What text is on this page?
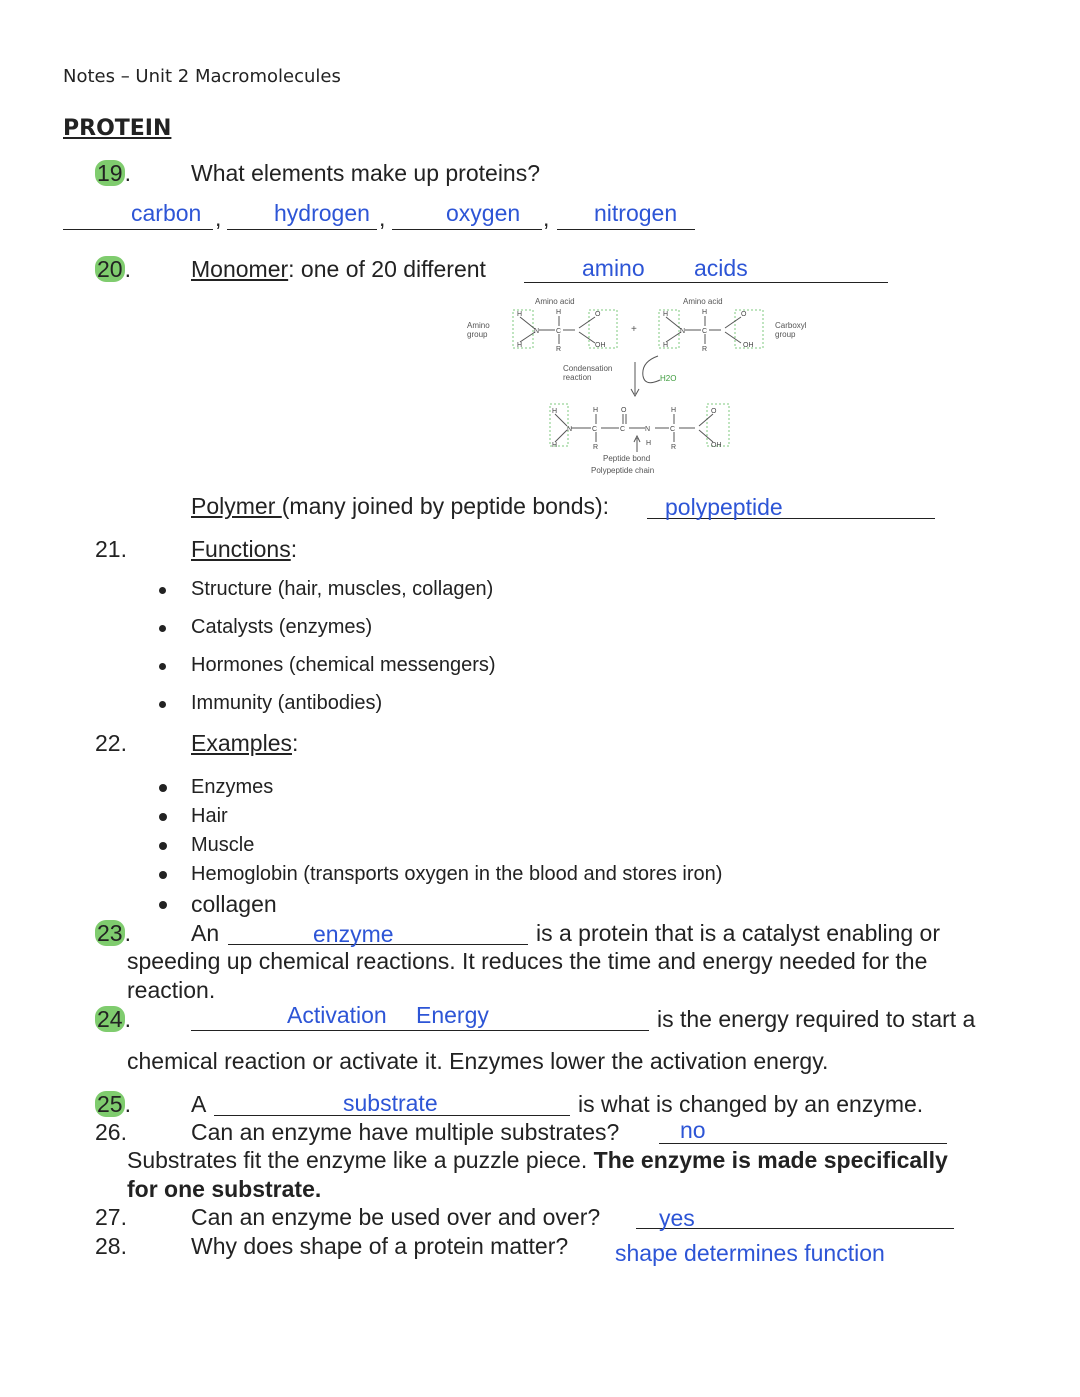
Notes – Unit 2 Macromolecules
PROTEIN
19.	What elements make up proteins?
carbon , hydrogen ,	oxygen , nitrogen
20.	Monomer: one of 20 different	amino acids
Amino acid	Amino acid
Amino
group
Carboxyl
group
+
Condensation
reaction	H2O
Peptide bond
Polypeptide chain
H
H
N C
H
R
O
OH
H
H
N C
H
R
O
OH
H
H
N	C
H
R
C
O
N
H
C
H
R
O
OH
Polymer (many joined by peptide bonds): polypeptide
21.	Functions:
Structure (hair, muscles, collagen)
Catalysts (enzymes)
Hormones (chemical messengers)
Immunity (antibodies)
22.	Examples:
Enzymes
Hair
Muscle
Hemoglobin (transports oxygen in the blood and stores iron)
collagen
23.	An	enzyme	is a protein that is a catalyst enabling or
speeding up chemical reactions. It reduces the time and energy needed for the
reaction.
24.	Activation Energy	is the energy required to start a
chemical reaction or activate it. Enzymes lower the activation energy.
25.	A	substrate	is what is changed by an enzyme.
26.	Can an enzyme have multiple substrates?	no
Substrates fit the enzyme like a puzzle piece. The enzyme is made specifically
for one substrate.
27.	Can an enzyme be used over and over?	yes
28.	Why does shape of a protein matter? shape determines function
